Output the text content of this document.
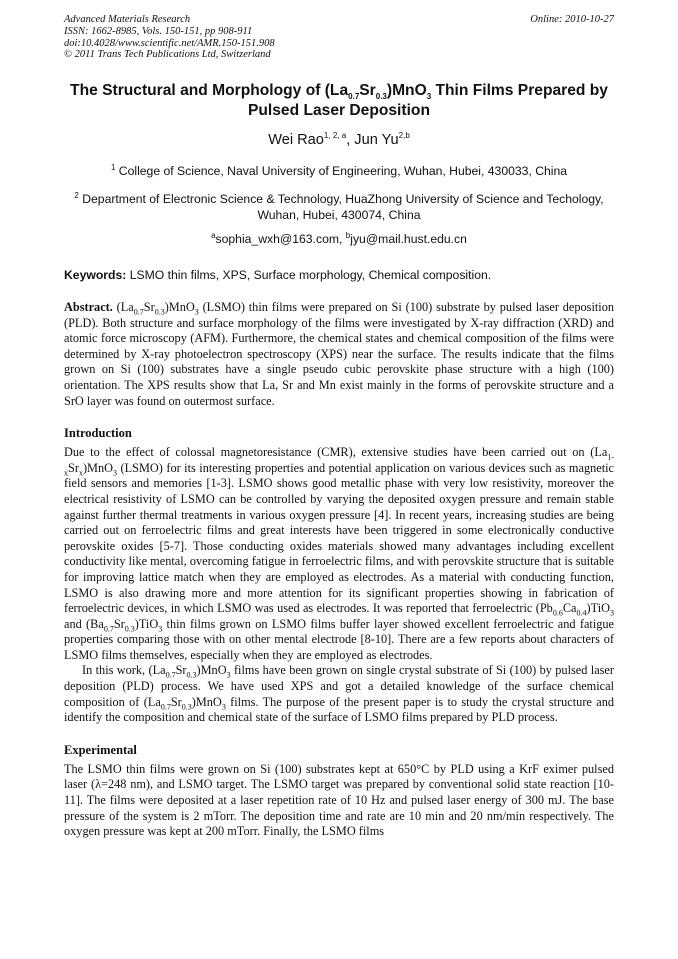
Advanced Materials Research
ISSN: 1662-8985, Vols. 150-151, pp 908-911
doi:10.4028/www.scientific.net/AMR.150-151.908
© 2011 Trans Tech Publications Ltd, Switzerland
Online: 2010-10-27
The Structural and Morphology of $(La_{0.7}Sr_{0.3})MnO_3$ Thin Films Prepared by Pulsed Laser Deposition
Wei Rao$^{1, 2, a}$, Jun Yu$^{2,b}$
$^1$ College of Science, Naval University of Engineering, Wuhan, Hubei, 430033, China
$^2$ Department of Electronic Science & Technology, HuaZhong University of Science and Techology, Wuhan, Hubei, 430074, China
$^a$sophia_wxh@163.com, $^b$jyu@mail.hust.edu.cn
Keywords: LSMO thin films, XPS, Surface morphology, Chemical composition.
Abstract. $(La_{0.7}Sr_{0.3})MnO_3$ (LSMO) thin films were prepared on Si (100) substrate by pulsed laser deposition (PLD). Both structure and surface morphology of the films were investigated by X-ray diffraction (XRD) and atomic force microscopy (AFM). Furthermore, the chemical states and chemical composition of the films were determined by X-ray photoelectron spectroscopy (XPS) near the surface. The results indicate that the films grown on Si (100) substrates have a single pseudo cubic perovskite phase structure with a high (100) orientation. The XPS results show that La, Sr and Mn exist mainly in the forms of perovskite structure and a SrO layer was found on outermost surface.
Introduction
Due to the effect of colossal magnetoresistance (CMR), extensive studies have been carried out on $(La_{1-x}Sr_x)MnO_3$ (LSMO) for its interesting properties and potential application on various devices such as magnetic field sensors and memories [1-3]. LSMO shows good metallic phase with very low resistivity, moreover the electrical resistivity of LSMO can be controlled by varying the deposited oxygen pressure and remain stable against further thermal treatments in various oxygen pressure [4]. In recent years, increasing studies are being carried out on ferroelectric films and great interests have been triggered in some electronically conductive perovskite oxides [5-7]. Those conducting oxides materials showed many advantages including excellent conductivity like mental, overcoming fatigue in ferroelectric films, and with perovskite structure that is suitable for improving lattice match when they are employed as electrodes. As a material with conducting function, LSMO is also drawing more and more attention for its significant properties showing in fabrication of ferroelectric devices, in which LSMO was used as electrodes. It was reported that ferroelectric $(Pb_{0.6}Ca_{0.4})TiO_3$ and $(Ba_{0.7}Sr_{0.3})TiO_3$ thin films grown on LSMO films buffer layer showed excellent ferroelectric and fatigue properties comparing those with on other mental electrode [8-10]. There are a few reports about characters of LSMO films themselves, especially when they are employed as electrodes.
In this work, $(La_{0.7}Sr_{0.3})MnO_3$ films have been grown on single crystal substrate of Si (100) by pulsed laser deposition (PLD) process. We have used XPS and got a detailed knowledge of the surface chemical composition of $(La_{0.7}Sr_{0.3})MnO_3$ films. The purpose of the present paper is to study the crystal structure and identify the composition and chemical state of the surface of LSMO films prepared by PLD process.
Experimental
The LSMO thin films were grown on Si (100) substrates kept at 650°C by PLD using a KrF eximer pulsed laser (λ=248 nm), and LSMO target. The LSMO target was prepared by conventional solid state reaction [10-11]. The films were deposited at a laser repetition rate of 10 Hz and pulsed laser energy of 300 mJ. The base pressure of the system is 2 mTorr. The deposition time and rate are 10 min and 20 nm/min respectively. The oxygen pressure was kept at 200 mTorr. Finally, the LSMO films
